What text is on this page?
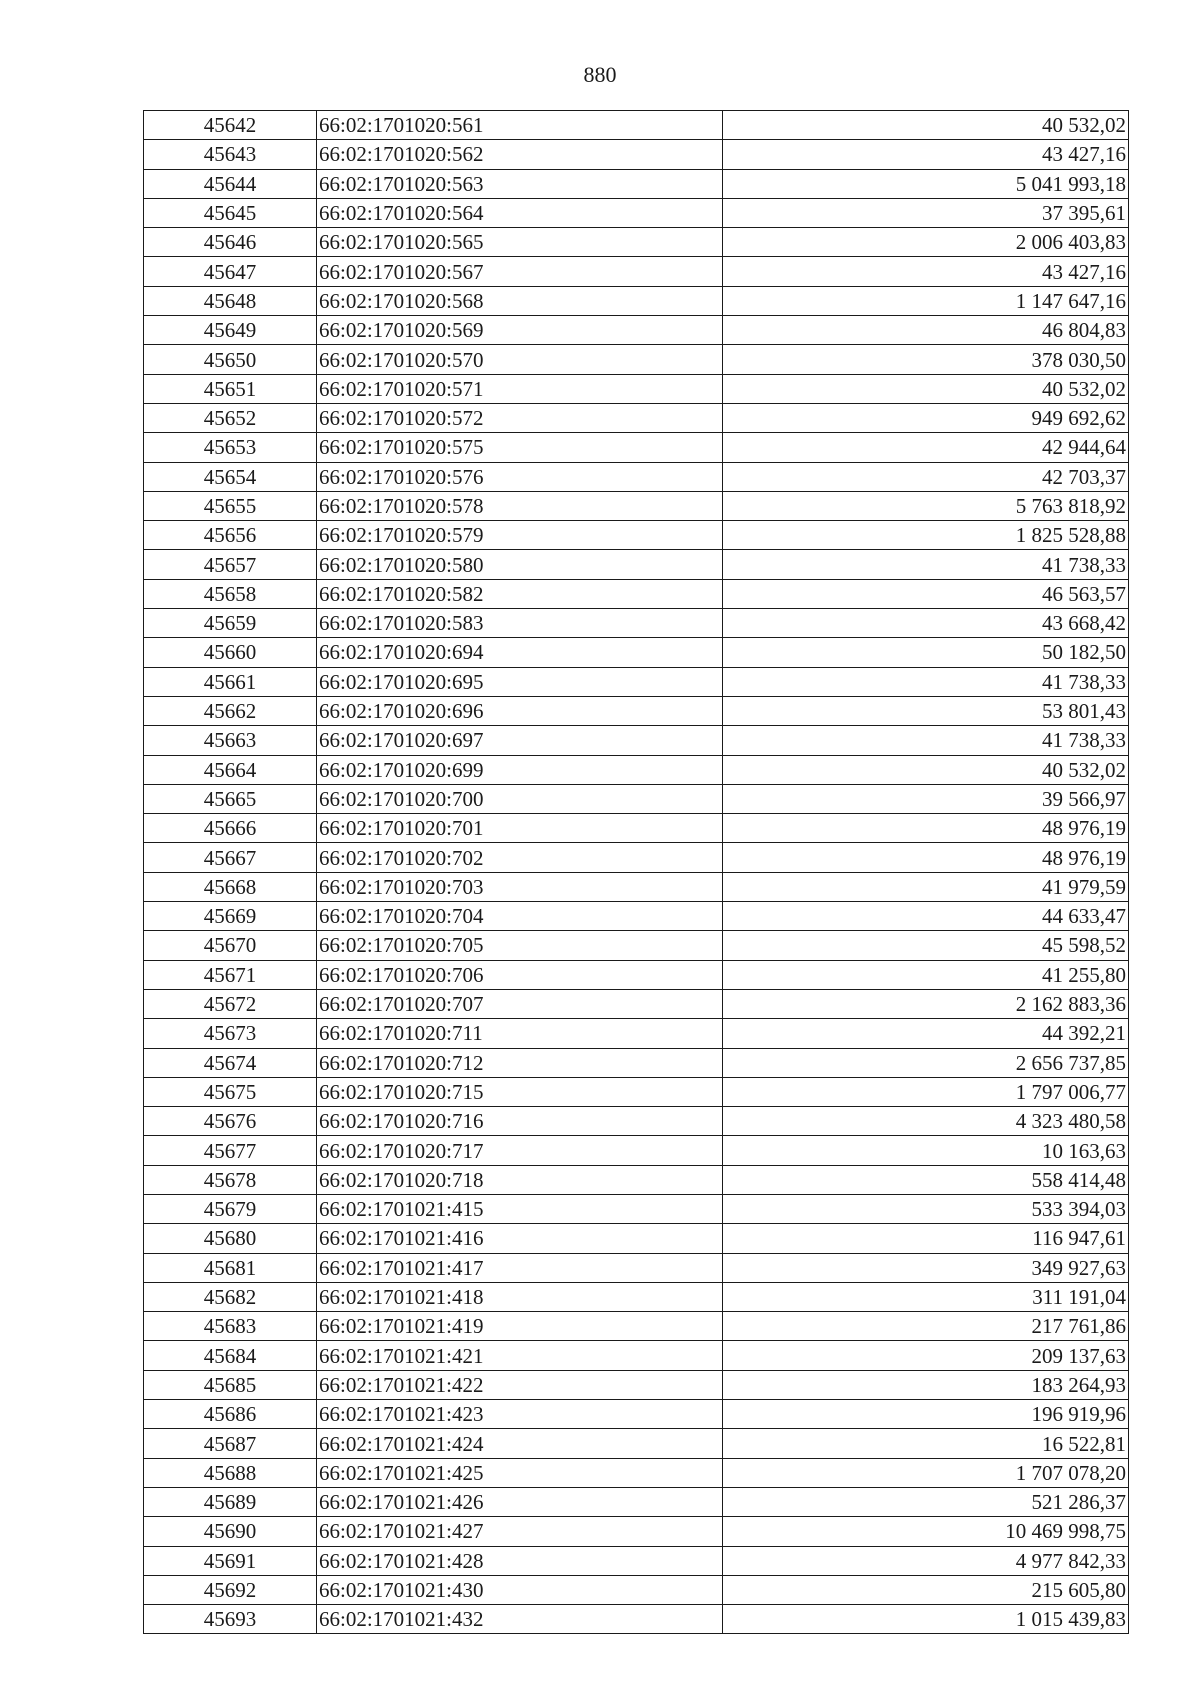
880
45642	66:02:1701020:561	40 532,02
45643	66:02:1701020:562	43 427,16
45644	66:02:1701020:563	5 041 993,18
45645	66:02:1701020:564	37 395,61
45646	66:02:1701020:565	2 006 403,83
45647	66:02:1701020:567	43 427,16
45648	66:02:1701020:568	1 147 647,16
45649	66:02:1701020:569	46 804,83
45650	66:02:1701020:570	378 030,50
45651	66:02:1701020:571	40 532,02
45652	66:02:1701020:572	949 692,62
45653	66:02:1701020:575	42 944,64
45654	66:02:1701020:576	42 703,37
45655	66:02:1701020:578	5 763 818,92
45656	66:02:1701020:579	1 825 528,88
45657	66:02:1701020:580	41 738,33
45658	66:02:1701020:582	46 563,57
45659	66:02:1701020:583	43 668,42
45660	66:02:1701020:694	50 182,50
45661	66:02:1701020:695	41 738,33
45662	66:02:1701020:696	53 801,43
45663	66:02:1701020:697	41 738,33
45664	66:02:1701020:699	40 532,02
45665	66:02:1701020:700	39 566,97
45666	66:02:1701020:701	48 976,19
45667	66:02:1701020:702	48 976,19
45668	66:02:1701020:703	41 979,59
45669	66:02:1701020:704	44 633,47
45670	66:02:1701020:705	45 598,52
45671	66:02:1701020:706	41 255,80
45672	66:02:1701020:707	2 162 883,36
45673	66:02:1701020:711	44 392,21
45674	66:02:1701020:712	2 656 737,85
45675	66:02:1701020:715	1 797 006,77
45676	66:02:1701020:716	4 323 480,58
45677	66:02:1701020:717	10 163,63
45678	66:02:1701020:718	558 414,48
45679	66:02:1701021:415	533 394,03
45680	66:02:1701021:416	116 947,61
45681	66:02:1701021:417	349 927,63
45682	66:02:1701021:418	311 191,04
45683	66:02:1701021:419	217 761,86
45684	66:02:1701021:421	209 137,63
45685	66:02:1701021:422	183 264,93
45686	66:02:1701021:423	196 919,96
45687	66:02:1701021:424	16 522,81
45688	66:02:1701021:425	1 707 078,20
45689	66:02:1701021:426	521 286,37
45690	66:02:1701021:427	10 469 998,75
45691	66:02:1701021:428	4 977 842,33
45692	66:02:1701021:430	215 605,80
45693	66:02:1701021:432	1 015 439,83
